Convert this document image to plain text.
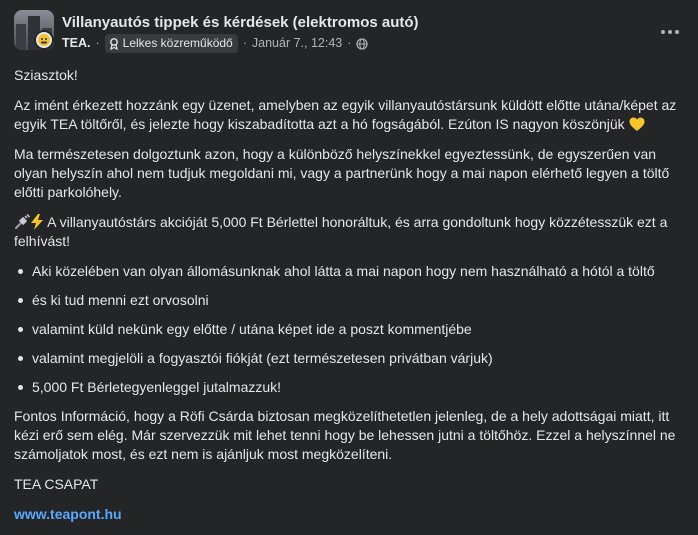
Villanyautós tippek és kérdések (elektromos autó)
TEA. · Lelkes közreműködő · Január 7., 12:43 ·

Sziasztok!

Az imént érkezett hozzánk egy üzenet, amelyben az egyik villanyautóstársunk küldött előtte utána/képet az egyik TEA töltőről, és jelezte hogy kiszabadította azt a hó fogságából. Ezúton IS nagyon köszönjük

Ma természetesen dolgoztunk azon, hogy a különböző helyszínekkel egyeztessünk, de egyszerűen van olyan helyszín ahol nem tudjuk megoldani mi, vagy a partnerünk hogy a mai napon elérhető legyen a töltő előtti parkolóhely.

A villanyautóstárs akcióját 5,000 Ft Bérlettel honoráltuk, és arra gondoltunk hogy közzétesszük ezt a felhívást!

Aki közelében van olyan állomásunknak ahol látta a mai napon hogy nem használható a hótól a töltő
és ki tud menni ezt orvosolni
valamint küld nekünk egy előtte / utána képet ide a poszt kommentjébe
valamint megjelöli a fogyasztói fiókját (ezt természetesen privátban várjuk)
5,000 Ft Bérletegyenleggel jutalmazzuk!

Fontos Információ, hogy a Röfi Csárda biztosan megközelíthetetlen jelenleg, de a hely adottságai miatt, itt kézi erő sem elég. Már szervezzük mit lehet tenni hogy be lehessen jutni a töltőhöz. Ezzel a helyszínnel ne számoljatok most, és ezt nem is ajánljuk most megközelíteni.

TEA CSAPAT

www.teapont.hu
